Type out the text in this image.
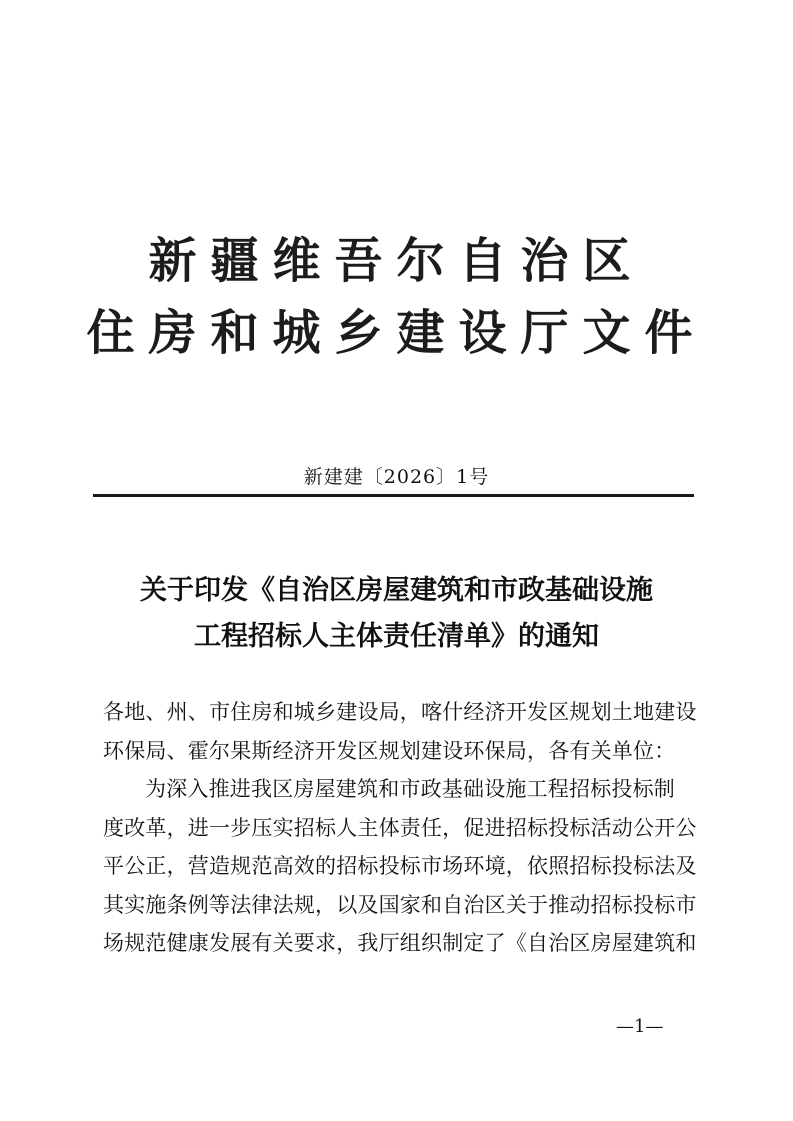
新疆维吾尔自治区
住房和城乡建设厅文件
新建建〔2026〕1号
关于印发《自治区房屋建筑和市政基础设施
工程招标人主体责任清单》的通知
各地、州、市住房和城乡建设局，喀什经济开发区规划土地建设
环保局、霍尔果斯经济开发区规划建设环保局，各有关单位：
为深入推进我区房屋建筑和市政基础设施工程招标投标制
度改革，进一步压实招标人主体责任，促进招标投标活动公开公
平公正，营造规范高效的招标投标市场环境，依照招标投标法及
其实施条例等法律法规，以及国家和自治区关于推动招标投标市
场规范健康发展有关要求，我厅组织制定了《自治区房屋建筑和
—1—
